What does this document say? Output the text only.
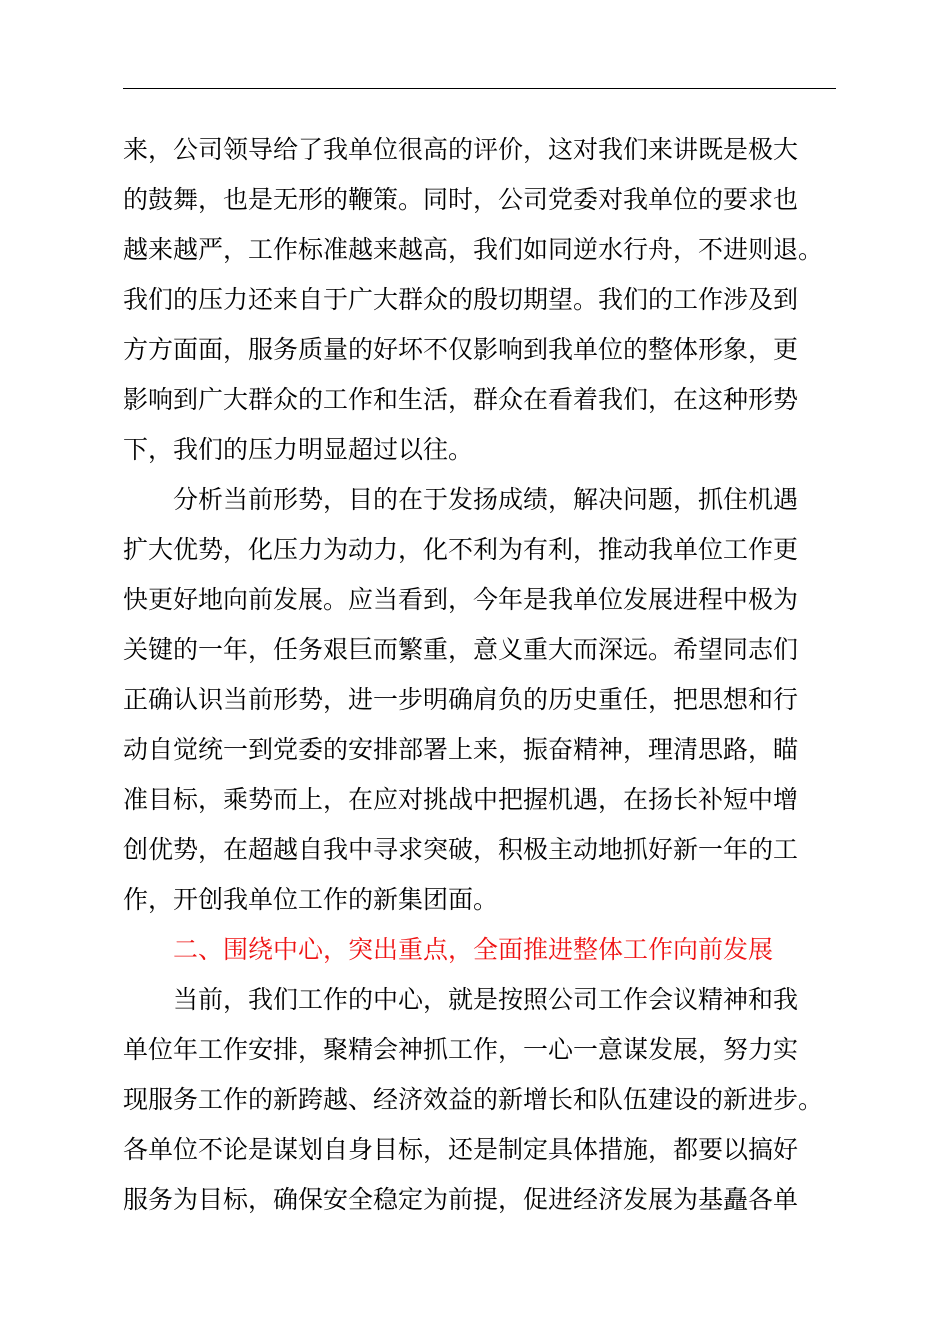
来，公司领导给了我单位很高的评价，这对我们来讲既是极大
的鼓舞，也是无形的鞭策。同时，公司党委对我单位的要求也
越来越严，工作标准越来越高，我们如同逆水行舟，不进则退。
我们的压力还来自于广大群众的殷切期望。我们的工作涉及到
方方面面，服务质量的好坏不仅影响到我单位的整体形象，更
影响到广大群众的工作和生活，群众在看着我们，在这种形势
下，我们的压力明显超过以往。
分析当前形势，目的在于发扬成绩，解决问题，抓住机遇
扩大优势，化压力为动力，化不利为有利，推动我单位工作更
快更好地向前发展。应当看到，今年是我单位发展进程中极为
关键的一年，任务艰巨而繁重，意义重大而深远。希望同志们
正确认识当前形势，进一步明确肩负的历史重任，把思想和行
动自觉统一到党委的安排部署上来，振奋精神，理清思路，瞄
准目标，乘势而上，在应对挑战中把握机遇，在扬长补短中增
创优势，在超越自我中寻求突破，积极主动地抓好新一年的工
作，开创我单位工作的新集团面。
二、围绕中心，突出重点，全面推进整体工作向前发展
当前，我们工作的中心，就是按照公司工作会议精神和我
单位年工作安排，聚精会神抓工作，一心一意谋发展，努力实
现服务工作的新跨越、经济效益的新增长和队伍建设的新进步。
各单位不论是谋划自身目标，还是制定具体措施，都要以搞好
服务为目标，确保安全稳定为前提，促进经济发展为基矗各单
